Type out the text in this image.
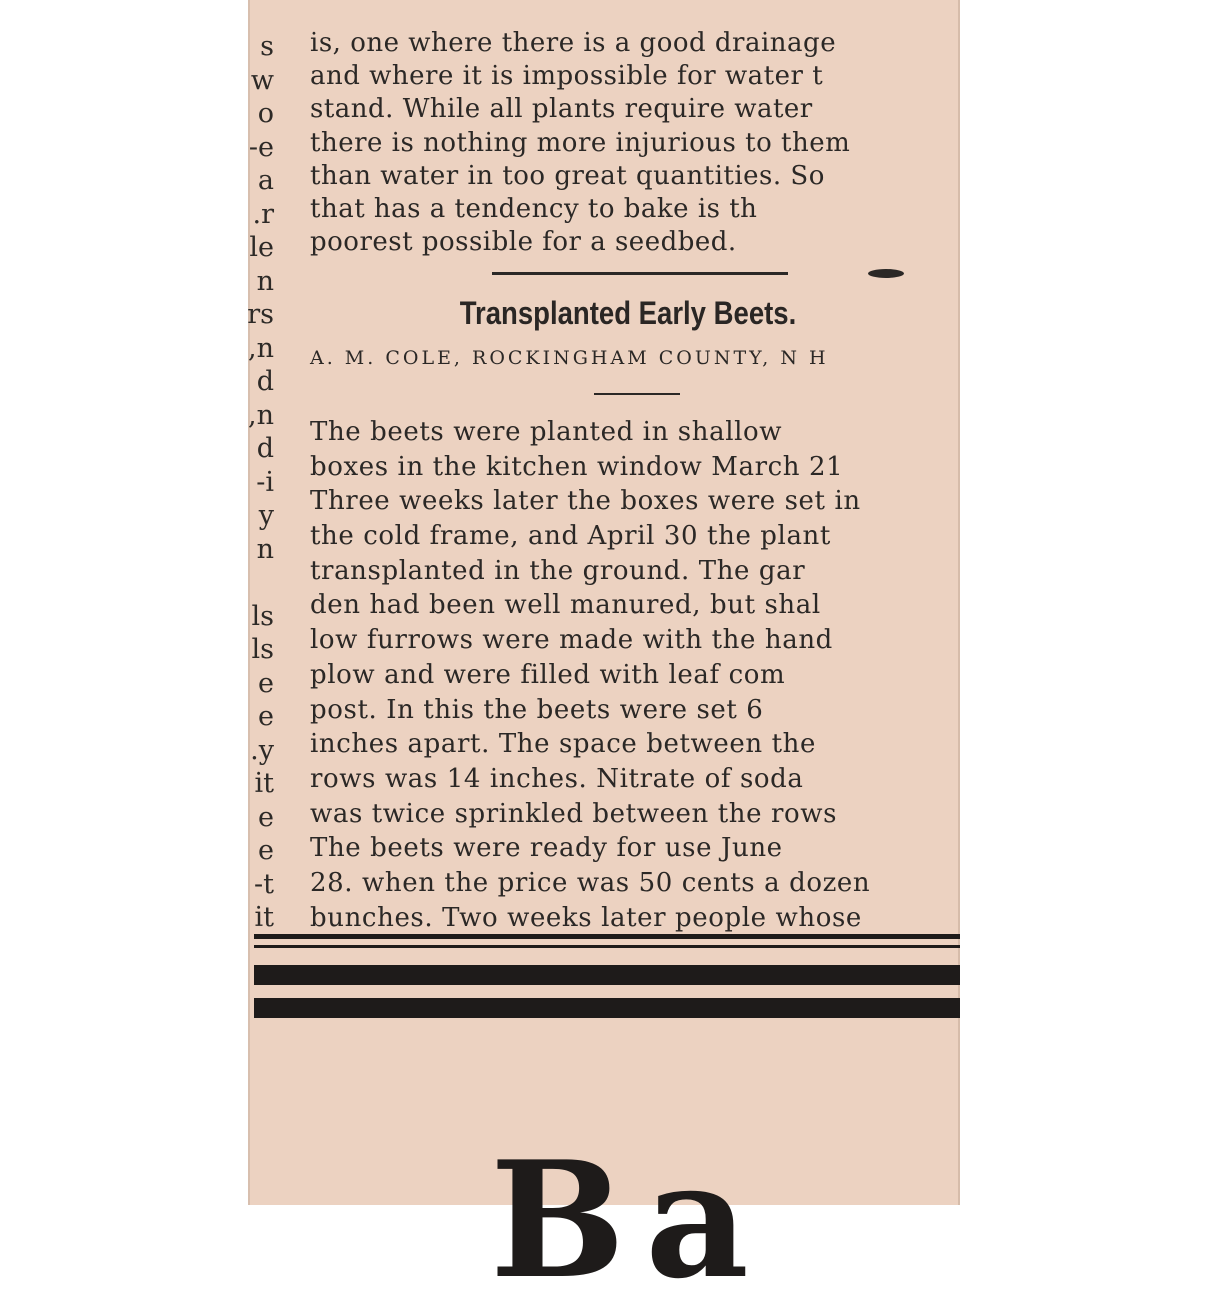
s
w
o
e-
a
r.
le
n
rs
n,
d
n,
d
i-
y
n
ls
ls
e
e
y.
it
e
e
t-
it
is, one where there is a good drainage
and where it is impossible for water t
stand. While all plants require water
there is nothing more injurious to them
than water in too great quantities. So
that has a tendency to bake is th
poorest possible for a seedbed.
Transplanted Early Beets.
A. M. COLE, ROCKINGHAM COUNTY, N H
The beets were planted in shallow
boxes in the kitchen window March 21
Three weeks later the boxes were set in
the cold frame, and April 30 the plant
transplanted in the ground. The gar
den had been well manured, but shal
low furrows were made with the hand
plow and were filled with leaf com
post. In this the beets were set 6
inches apart. The space between the
rows was 14 inches. Nitrate of soda
was twice sprinkled between the rows
The beets were ready for use June
28. when the price was 50 cents a dozen
bunches. Two weeks later people whose
Ba
